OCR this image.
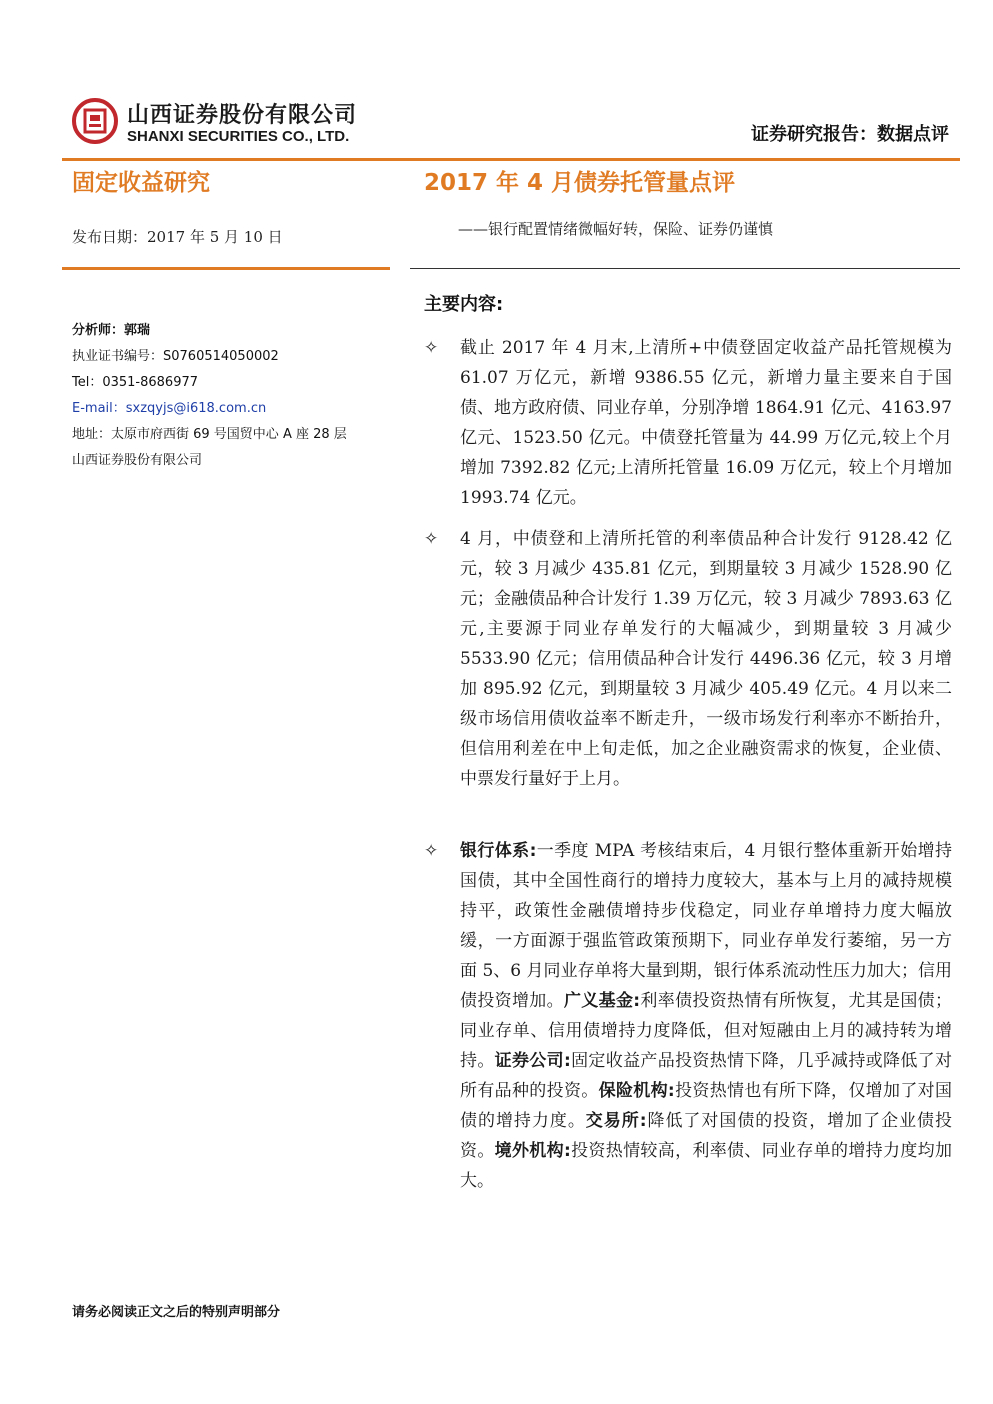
山西证券股份有限公司
SHANXI SECURITIES CO., LTD.	证券研究报告：数据点评
固定收益研究	2017 年 4 月债券托管量点评
——银行配置情绪微幅好转，保险、证券仍谨慎
发布日期：2017 年 5 月 10 日
分析师：郭瑞
执业证书编号：S0760514050002
Tel：0351-8686977
E-mail：sxzqyjs@i618.com.cn
地址：太原市府西街 69 号国贸中心 A 座 28 层
山西证券股份有限公司
主要内容:
✧ 截止 2017 年 4 月末,上清所+中债登固定收益产品托管规模为 61.07 万亿元，新增 9386.55 亿元，新增力量主要来自于国债、地方政府债、同业存单，分别净增 1864.91 亿元、4163.97 亿元、1523.50 亿元。中债登托管量为 44.99 万亿元,较上个月增加 7392.82 亿元;上清所托管量 16.09 万亿元，较上个月增加 1993.74 亿元。
✧ 4 月，中债登和上清所托管的利率债品种合计发行 9128.42 亿元，较 3 月减少 435.81 亿元，到期量较 3 月减少 1528.90 亿元；金融债品种合计发行 1.39 万亿元，较 3 月减少 7893.63 亿元,主要源于同业存单发行的大幅减少，到期量较 3 月减少 5533.90 亿元；信用债品种合计发行 4496.36 亿元，较 3 月增加 895.92 亿元，到期量较 3 月减少 405.49 亿元。4 月以来二级市场信用债收益率不断走升，一级市场发行利率亦不断抬升，但信用利差在中上旬走低，加之企业融资需求的恢复，企业债、中票发行量好于上月。
✧ 银行体系:一季度 MPA 考核结束后，4 月银行整体重新开始增持国债，其中全国性商行的增持力度较大，基本与上月的减持规模持平，政策性金融债增持步伐稳定，同业存单增持力度大幅放缓，一方面源于强监管政策预期下，同业存单发行萎缩，另一方面 5、6 月同业存单将大量到期，银行体系流动性压力加大；信用债投资增加。广义基金:利率债投资热情有所恢复，尤其是国债；同业存单、信用债增持力度降低，但对短融由上月的减持转为增持。证券公司:固定收益产品投资热情下降，几乎减持或降低了对所有品种的投资。保险机构:投资热情也有所下降，仅增加了对国债的增持力度。交易所:降低了对国债的投资，增加了企业债投资。境外机构:投资热情较高，利率债、同业存单的增持力度均加大。
请务必阅读正文之后的特别声明部分
